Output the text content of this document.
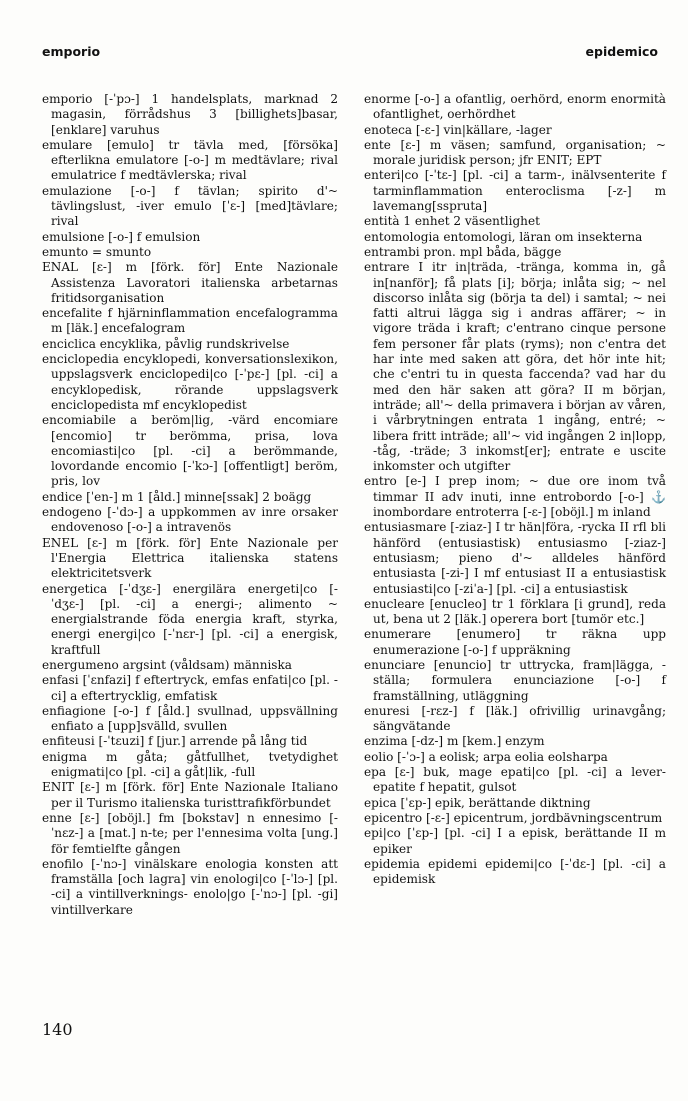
emporio	epidemico

emporio [-ˈpɔ-] 1 handelsplats, marknad 2 magasin, förrådshus 3 [billighets]basar, [enklare] varuhus

emulare [emulo] tr tävla med, [försöka] efterlikna emulatore [-o-] m medtävlare; rival emulatrice f medtävlerska; rival

emulazione [-o-] f tävlan; spirito d'~ tävlingslust, -iver emulo [ˈɛ-] [med]tävlare; rival

emulsione [-o-] f emulsion

emunto = smunto

ENAL [ɛ-] m [förk. för] Ente Nazionale Assistenza Lavoratori italienska arbetarnas fritidsorganisation

encefalite f hjärninflammation encefalogramma m [läk.] encefalogram

enciclica encyklika, påvlig rundskrivelse

enciclopedia encyklopedi, konversationslexikon, uppslagsverk enciclopedi|co [-ˈpɛ-] [pl. -ci] a encyklopedisk, rörande uppslagsverk enciclopedista mf encyklopedist

encomiabile a beröm|lig, -värd encomiare [encomio] tr berömma, prisa, lova encomiasti|co [pl. -ci] a berömmande, lovordande encomio [-ˈkɔ-] [offentligt] beröm, pris, lov

endice [ˈen-] m 1 [åld.] minne[ssak] 2 boägg

endogeno [-ˈdɔ-] a uppkommen av inre orsaker endovenoso [-o-] a intravenös

ENEL [ɛ-] m [förk. för] Ente Nazionale per l'Energia Elettrica italienska statens elektricitetsverk

energetica [-ˈdʒɛ-] energilära energeti|co [-ˈdʒɛ-] [pl. -ci] a energi-; alimento ~ energialstrande föda energia kraft, styrka, energi energi|co [-ˈnɛr-] [pl. -ci] a energisk, kraftfull

energumeno argsint (våldsam) människa

enfasi [ˈɛnfazi] f eftertryck, emfas enfati|co [pl. -ci] a eftertrycklig, emfatisk

enfiagione [-o-] f [åld.] svullnad, uppsvällning enfiato a [upp]svälld, svullen

enfiteusi [-ˈtɛuzi] f [jur.] arrende på lång tid

enigma m gåta; gåtfullhet, tvetydighet enigmati|co [pl. -ci] a gåt|lik, -full

ENIT [ɛ-] m [förk. för] Ente Nazionale Italiano per il Turismo italienska turisttrafikförbundet

enne [ɛ-] [oböjl.] fm [bokstav] n ennesimo [-ˈnɛz-] a [mat.] n-te; per l'ennesima volta [ung.] för femtielfte gången

enofilo [-ˈnɔ-] vinälskare enologia konsten att framställa [och lagra] vin enologi|co [-ˈlɔ-] [pl. -ci] a vintillverknings- enolo|go [-ˈnɔ-] [pl. -gi] vintillverkare

enorme [-o-] a ofantlig, oerhörd, enorm enormità ofantlighet, oerhördhet

enoteca [-ɛ-] vin|källare, -lager

ente [ɛ-] m väsen; samfund, organisation; ~ morale juridisk person; jfr ENIT; EPT

enteri|co [-ˈtɛ-] [pl. -ci] a tarm-, inälvsenterite f tarminflammation enteroclisma [-z-] m lavemang[sspruta]

entità 1 enhet 2 väsentlighet

entomologia entomologi, läran om insekterna

entrambi pron. mpl båda, bägge

entrare I itr in|träda, -tränga, komma in, gå in[nanför]; få plats [i]; börja; inlåta sig; ~ nel discorso inlåta sig (börja ta del) i samtal; ~ nei fatti altrui lägga sig i andras affärer; ~ in vigore träda i kraft; c'entrano cinque persone fem personer får plats (ryms); non c'entra det har inte med saken att göra, det hör inte hit; che c'entri tu in questa faccenda? vad har du med den här saken att göra? II m början, inträde; all'~ della primavera i början av våren, i vårbrytningen entrata 1 ingång, entré; ~ libera fritt inträde; all'~ vid ingången 2 in|lopp, -tåg, -träde; 3 inkomst[er]; entrate e uscite inkomster och utgifter

entro [e-] I prep inom; ~ due ore inom två timmar II adv inuti, inne entrobordo [-o-] ⚓ inombordare entroterra [-ɛ-] [oböjl.] m inland

entusiasmare [-ziaz-] I tr hän|föra, -rycka II rfl bli hänförd (entusiastisk) entusiasmo [-ziaz-] entusiasm; pieno d'~ alldeles hänförd entusiasta [-zi-] I mf entusiast II a entusiastisk entusiasti|co [-ziˈa-] [pl. -ci] a entusiastisk

enucleare [enucleo] tr 1 förklara [i grund], reda ut, bena ut 2 [läk.] operera bort [tumör etc.]

enumerare [enumero] tr räkna upp enumerazione [-o-] f uppräkning

enunciare [enuncio] tr uttrycka, fram|lägga, -ställa; formulera enunciazione [-o-] f framställning, utläggning

enuresi [-rɛz-] f [läk.] ofrivillig urinavgång; sängvätande

enzima [-dz-] m [kem.] enzym

eolio [-ˈɔ-] a eolisk; arpa eolia eolsharpa

epa [ɛ-] buk, mage epati|co [pl. -ci] a lever- epatite f hepatit, gulsot

epica [ˈɛp-] epik, berättande diktning

epicentro [-ɛ-] epicentrum, jordbävningscentrum

epi|co [ˈɛp-] [pl. -ci] I a episk, berättande II m epiker

epidemia epidemi epidemi|co [-ˈdɛ-] [pl. -ci] a epidemisk

140
